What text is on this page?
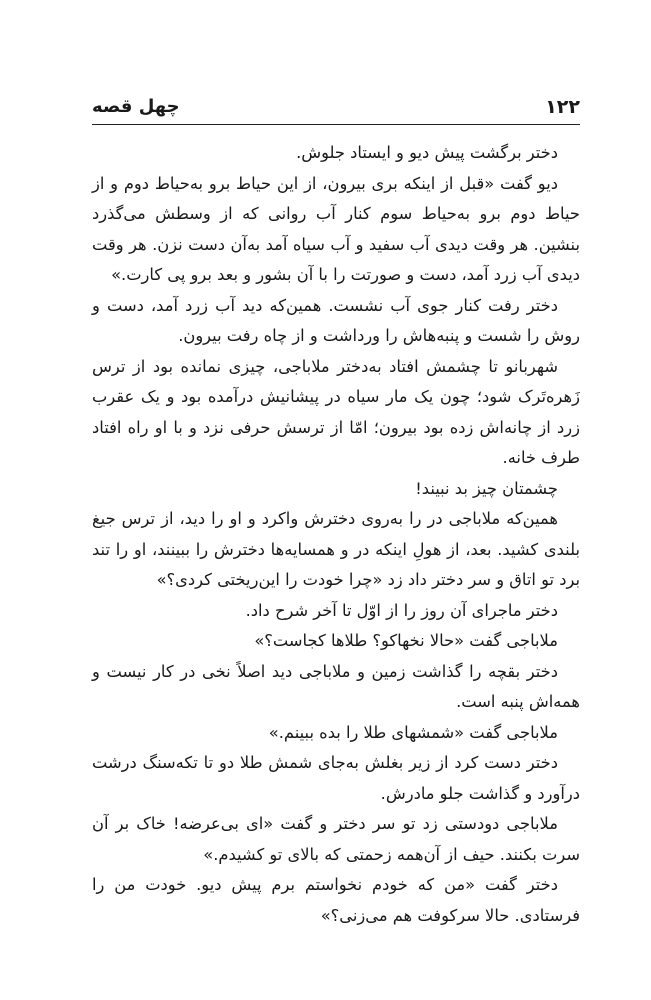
۱۲۲
چهل قصه

دختر برگشت پیش دیو و ایستاد جلوش.

دیو گفت «قبل از اینکه بری بیرون، از این حیاط برو به‌حیاط دوم و از حیاط دوم برو به‌حیاط سوم کنار آب روانی که از وسطش می‌گذرد بنشین. هر وقت دیدی آب سفید و آب سیاه آمد به‌آن دست نزن. هر وقت دیدی آب زرد آمد، دست و صورتت را با آن بشور و بعد برو پی کارت.»

دختر رفت کنار جوی آب نشست. همین‌که دید آب زرد آمد، دست و روش را شست و پنبه‌هاش را ورداشت و از چاه رفت بیرون.

شهربانو تا چشمش افتاد به‌دختر ملاباجی، چیزی نمانده بود از ترس زَهره‌تَرک شود؛ چون یک مار سیاه در پیشانیش درآمده بود و یک عقرب زرد از چانه‌اش زده بود بیرون؛ امّا از ترسش حرفی نزد و با او راه افتاد طرف خانه.

چشمتان چیز بد نبیند!

همین‌که ملاباجی در را به‌روی دخترش واکرد و او را دید، از ترس جیغ بلندی کشید. بعد، از هولِ اینکه در و همسایه‌ها دخترش را ببینند، او را تند برد تو اتاق و سر دختر داد زد «چرا خودت را این‌ریختی کردی؟»

دختر ماجرای آن روز را از اوّل تا آخر شرح داد.

ملاباجی گفت «حالا نخهاکو؟ طلاها کجاست؟»

دختر بقچه را گذاشت زمین و ملاباجی دید اصلاً نخی در کار نیست و همه‌اش پنبه است.

ملاباجی گفت «شمشهای طلا را بده ببینم.»

دختر دست کرد از زیر بغلش به‌جای شمش طلا دو تا تکه‌سنگ درشت درآورد و گذاشت جلو مادرش.

ملاباجی دودستی زد تو سر دختر و گفت «ای بی‌عرضه! خاک بر آن سرت بکنند. حیف از آن‌همه زحمتی که بالای تو کشیدم.»

دختر گفت «من که خودم نخواستم برم پیش دیو. خودت من را فرستادی. حالا سرکوفت هم می‌زنی؟»
